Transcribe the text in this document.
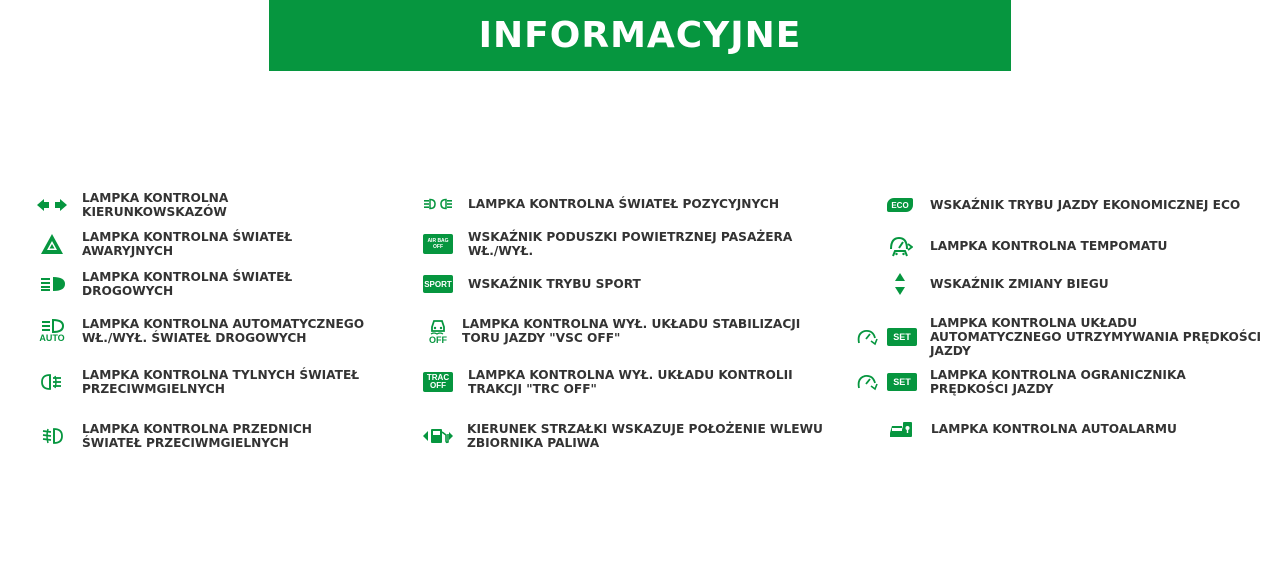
INFORMACYJNE
LAMPKA KONTROLNA KIERUNKOWSKAZÓW
LAMPKA KONTROLNA ŚWIATEŁ AWARYJNYCH
LAMPKA KONTROLNA ŚWIATEŁ DROGOWYCH
AUTO
LAMPKA KONTROLNA AUTOMATYCZNEGO WŁ./WYŁ. ŚWIATEŁ DROGOWYCH
LAMPKA KONTROLNA TYLNYCH ŚWIATEŁ PRZECIWMGIELNYCH
LAMPKA KONTROLNA PRZEDNICH ŚWIATEŁ PRZECIWMGIELNYCH
LAMPKA KONTROLNA ŚWIATEŁ POZYCYJNYCH
AIR BAG OFF
WSKAŹNIK PODUSZKI POWIETRZNEJ PASAŻERA WŁ./WYŁ.
SPORT WSKAŹNIK TRYBU SPORT
OFF
LAMPKA KONTROLNA WYŁ. UKŁADU STABILIZACJI TORU JAZDY "VSC OFF"
TRAC OFF
LAMPKA KONTROLNA WYŁ. UKŁADU KONTROLII TRAKCJI "TRC OFF"
KIERUNEK STRZAŁKI WSKAZUJE POŁOŻENIE WLEWU ZBIORNIKA PALIWA
ECO	WSKAŹNIK TRYBU JAZDY EKONOMICZNEJ ECO
LAMPKA KONTROLNA TEMPOMATU
WSKAŹNIK ZMIANY BIEGU
SET
LAMPKA KONTROLNA UKŁADU AUTOMATYCZNEGO UTRZYMYWANIA PRĘDKOŚCI JAZDY
SET	LAMPKA KONTROLNA OGRANICZNIKA PRĘDKOŚCI JAZDY
LAMPKA KONTROLNA AUTOALARMU
